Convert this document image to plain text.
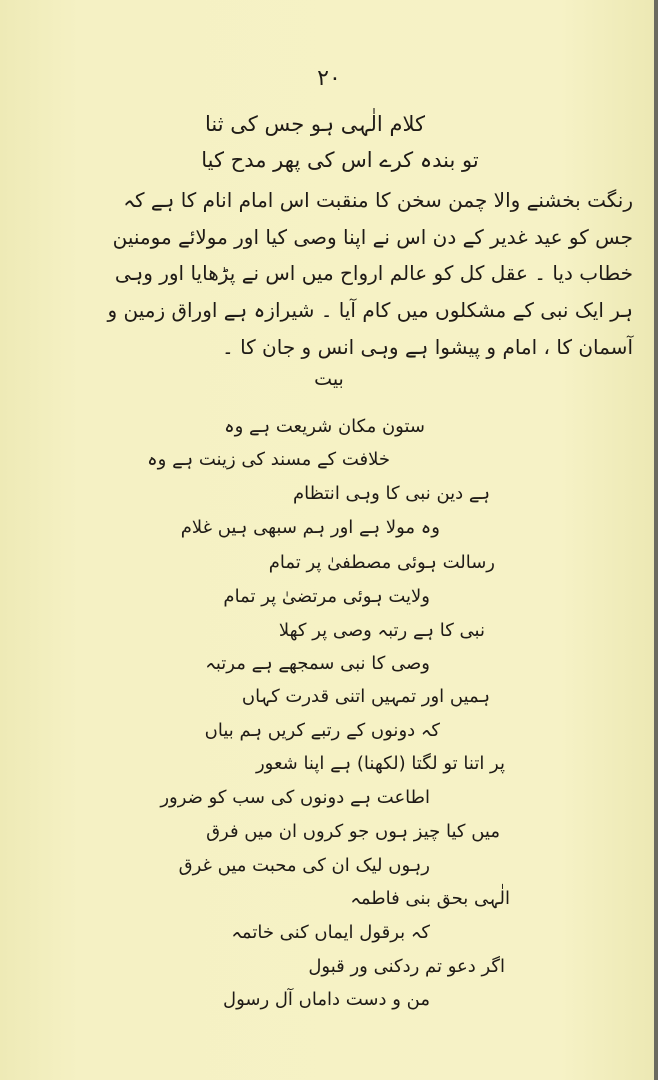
۲۰
کلام الٰہی ہو جس کی ثنا
تو بندہ کرے اس کی پھر مدح کیا
رنگت بخشنے والا چمن سخن کا منقبت اس امام انام کا ہے کہ
جس کو عید غدیر کے دن اس نے اپنا وصی کیا اور مولائے مومنین
خطاب دیا ۔ عقل کل کو عالم ارواح میں اس نے پڑھایا اور وہی
ہر ایک نبی کے مشکلوں میں کام آیا ۔ شیرازہ ہے اوراق زمین و
آسمان کا ، امام و پیشوا ہے وہی انس و جان کا ۔
بیت
ستون مکان شریعت ہے وہ
خلافت کے مسند کی زینت ہے وہ
ہے دین نبی کا وہی انتظام
وہ مولا ہے اور ہم سبھی ہیں غلام
رسالت ہوئی مصطفیٰ پر تمام
ولایت ہوئی مرتضیٰ پر تمام
نبی کا ہے رتبہ وصی پر کھلا
وصی کا نبی سمجھے ہے مرتبہ
ہمیں اور تمہیں اتنی قدرت کہاں
کہ دونوں کے رتبے کریں ہم بیاں
پر اتنا تو لگتا (لکھنا) ہے اپنا شعور
اطاعت ہے دونوں کی سب کو ضرور
میں کیا چیز ہوں جو کروں ان میں فرق
رہوں لیک ان کی محبت میں غرق
الٰہی بحق بنی فاطمہ
کہ برقول ایماں کنی خاتمہ
اگر دعو تم ردکنی ور قبول
من و دست داماں آل رسول
